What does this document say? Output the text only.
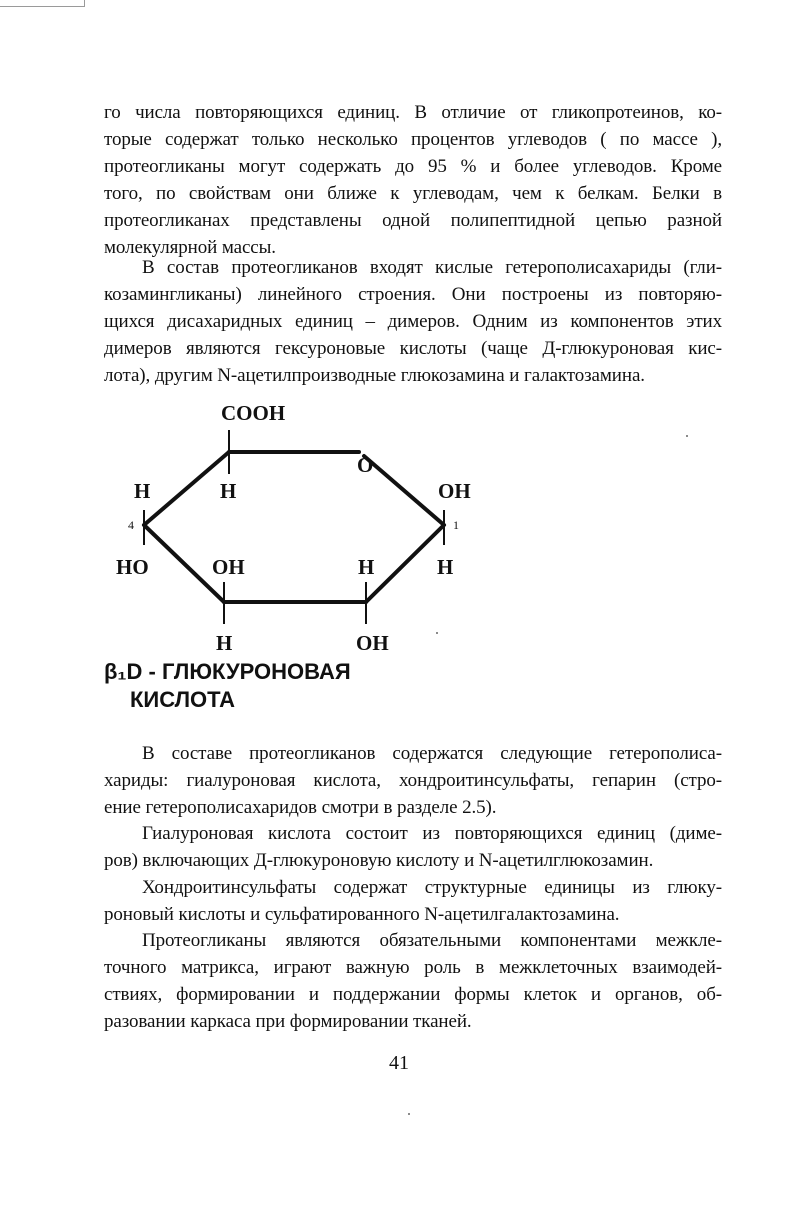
го числа повторяющихся единиц. В отличие от гликопротеинов, ко-
торые содержат только несколько процентов углеводов ( по массе ),
протеогликаны могут содержать до 95 % и более углеводов. Кроме
того, по свойствам они ближе к углеводам, чем к белкам. Белки в
протеогликанах представлены одной полипептидной цепью разной
молекулярной массы.

В состав протеогликанов входят кислые гетерополисахариды (гли-
козамингликаны) линейного строения. Они построены из повторяю-
щихся дисахаридных единиц – димеров. Одним из компонентов этих
димеров являются гексуроновые кислоты (чаще Д-глюкуроновая кис-
лота), другим N-ацетилпроизводные глюкозамина и галактозамина.

COOH
O
H	H	OH
4	1
HO	OH	H	H
H	OH

β₁D - ГЛЮКУРОНОВАЯ
КИСЛОТА

В составе протеогликанов содержатся следующие гетерополиса-
хариды: гиалуроновая кислота, хондроитинсульфаты, гепарин (стро-
ение гетерополисахаридов смотри в разделе 2.5).

Гиалуроновая кислота состоит из повторяющихся единиц (диме-
ров) включающих Д-глюкуроновую кислоту и N-ацетилглюкозамин.

Хондроитинсульфаты содержат структурные единицы из глюку-
роновый кислоты и сульфатированного N-ацетилгалактозамина.

Протеогликаны являются обязательными компонентами межкле-
точного матрикса, играют важную роль в межклеточных взаимодей-
ствиях, формировании и поддержании формы клеток и органов, об-
разовании каркаса при формировании тканей.

41
